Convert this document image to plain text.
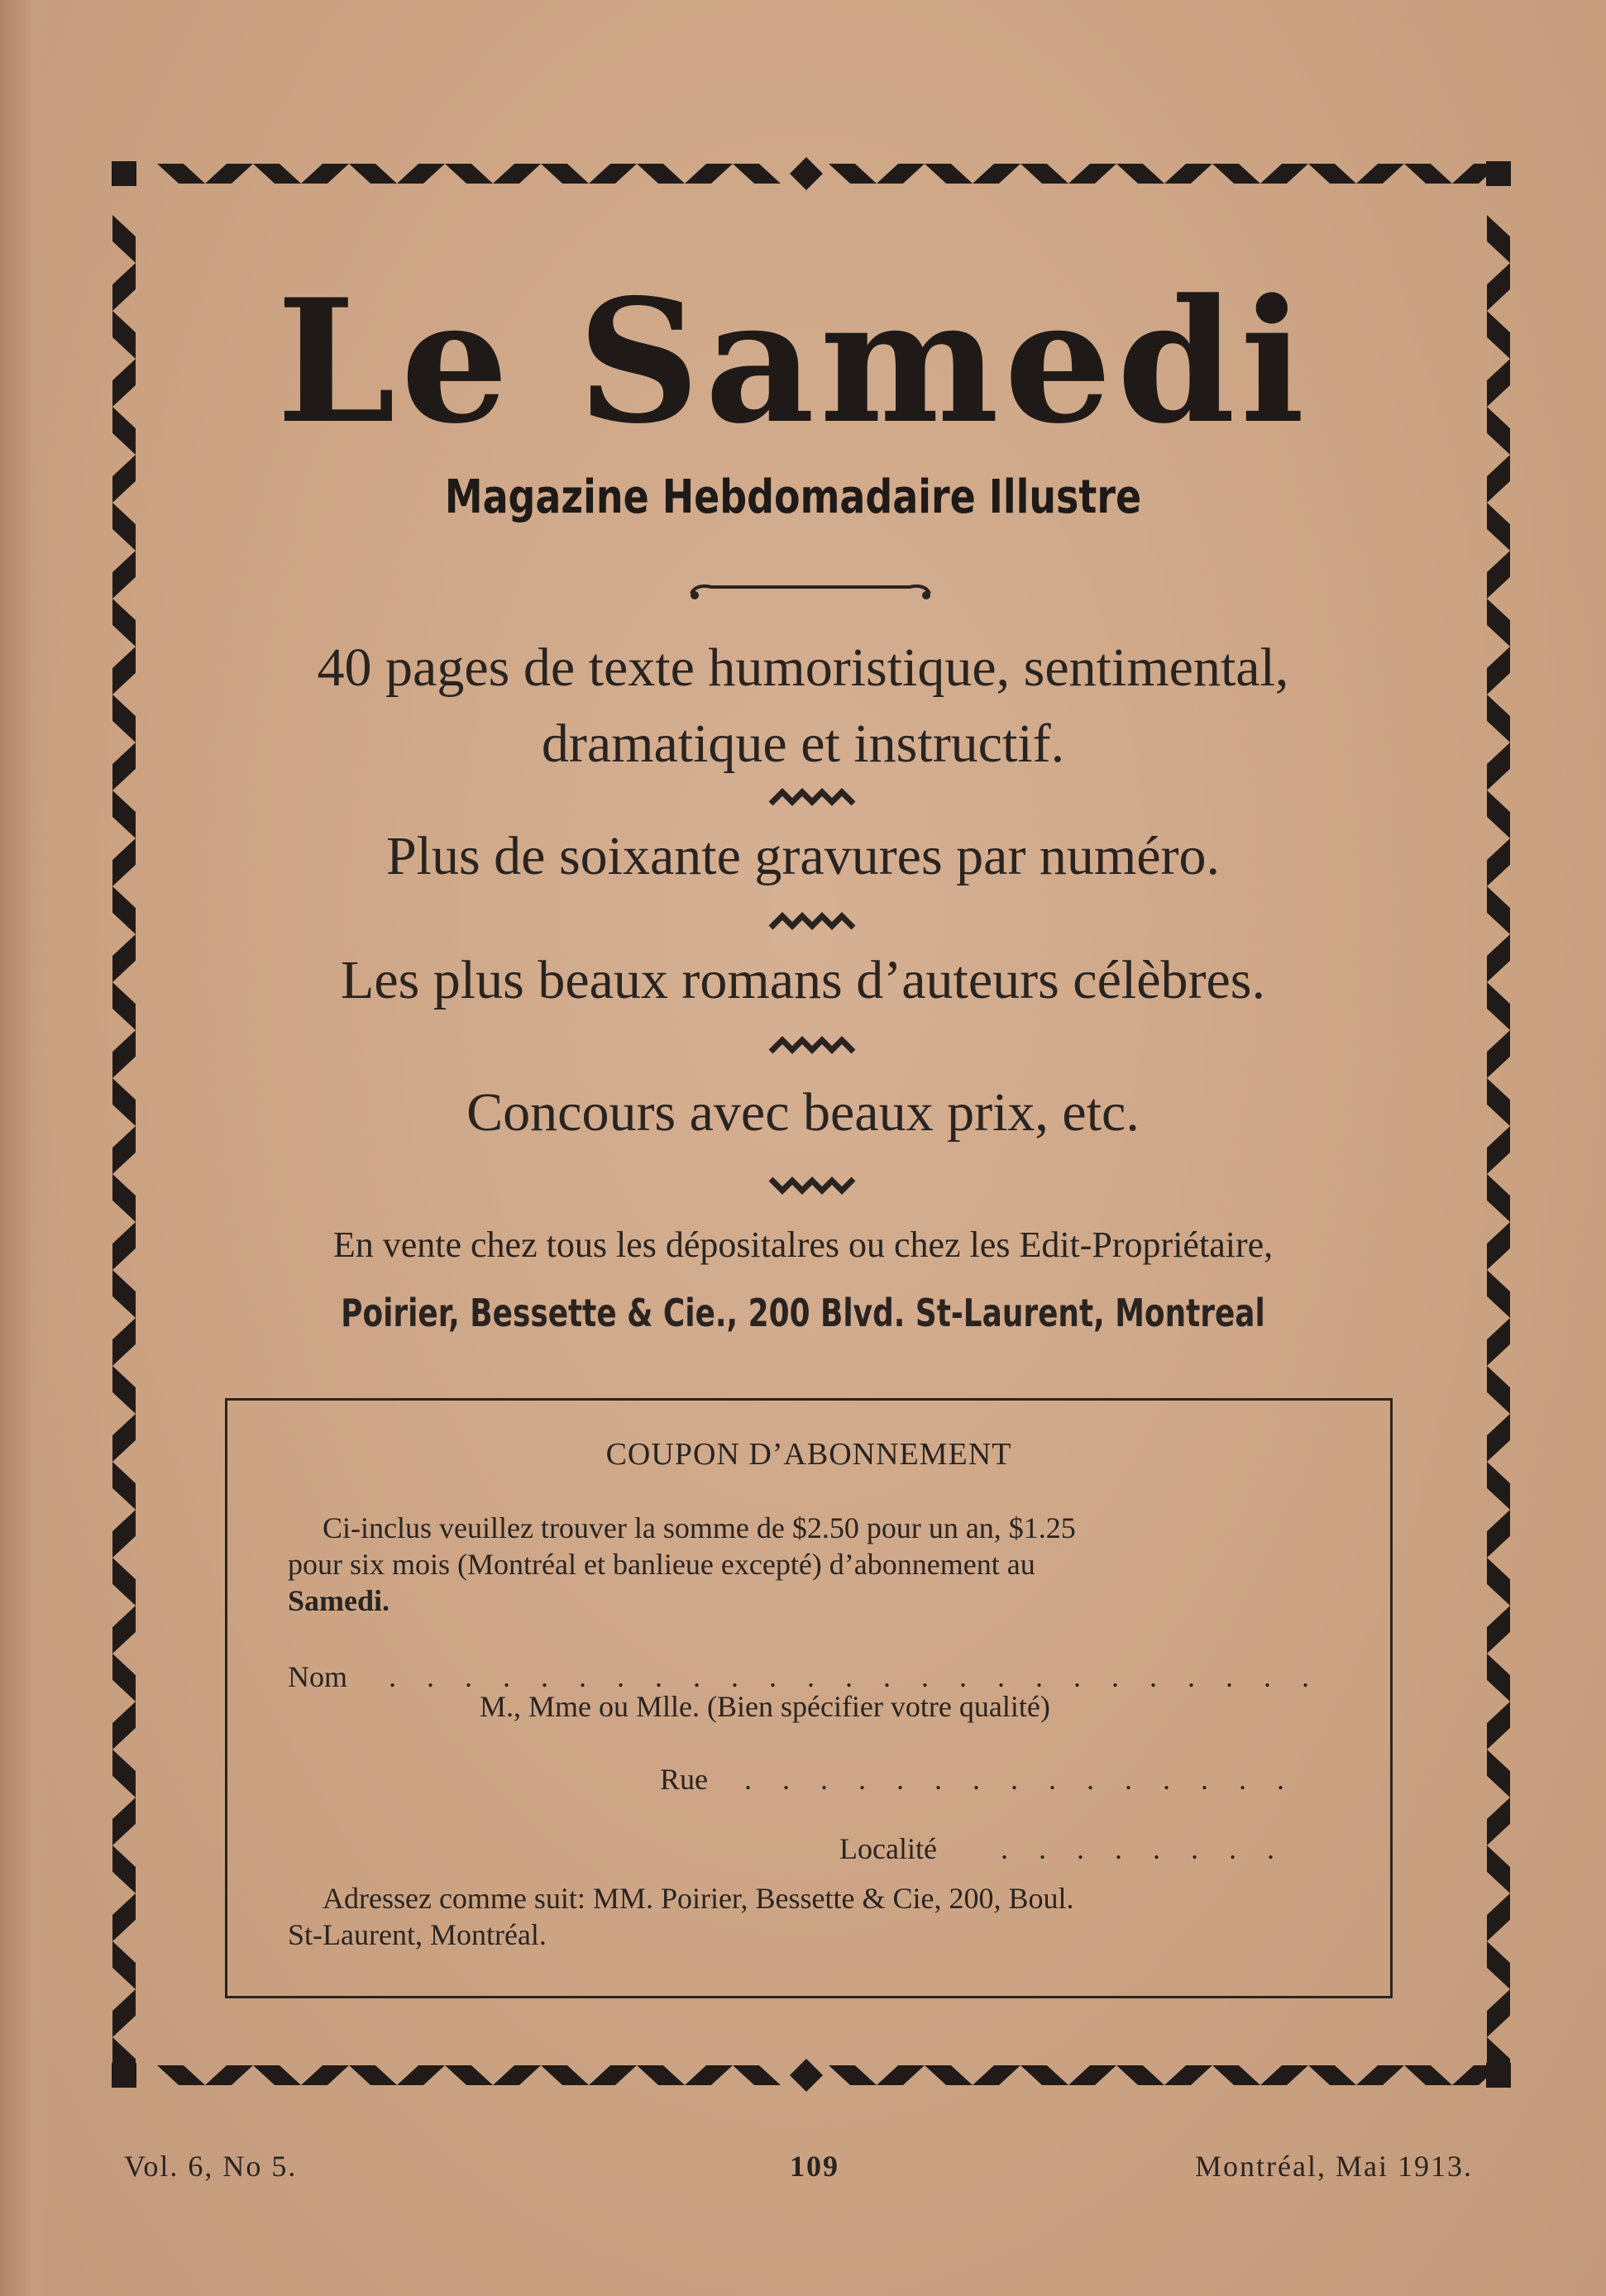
Le Samedi
Magazine Hebdomadaire Illustre
40 pages de texte humoristique, sentimental,
dramatique et instructif.
Plus de soixante gravures par numéro.
Les plus beaux romans d’auteurs célèbres.
Concours avec beaux prix, etc.
En vente chez tous les dépositalres ou chez les Edit-Propriétaire,
Poirier, Bessette & Cie., 200 Blvd. St-Laurent, Montreal
COUPON D’ABONNEMENT
Ci-inclus veuillez trouver la somme de $2.50 pour un an, $1.25
pour six mois (Montréal et banlieue excepté) d’abonnement au
Samedi.
Nom . . . . . . . . . . . . . . . . . . . . . . . . .
M., Mme ou Mlle. (Bien spécifier votre qualité)
Rue . . . . . . . . . . . . . . .
Localité . . . . . . . .
Adressez comme suit: MM. Poirier, Bessette & Cie, 200, Boul.
St-Laurent, Montréal.
Vol. 6, No 5.	109	Montréal, Mai 1913.
